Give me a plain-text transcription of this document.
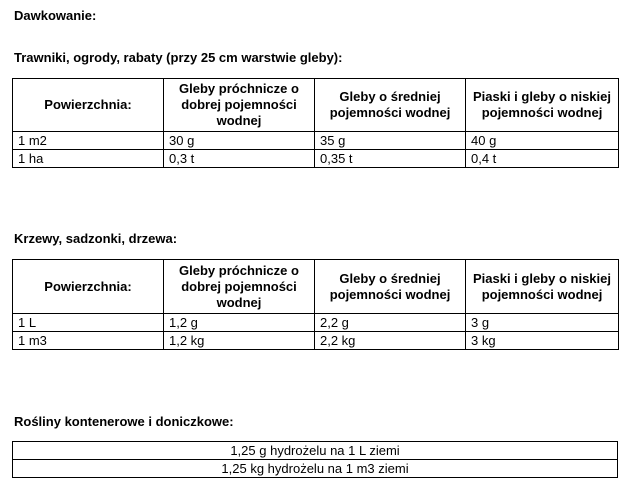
Dawkowanie:
Trawniki, ogrody, rabaty (przy 25 cm warstwie gleby):
Powierzchnia:	Gleby próchnicze o dobrej pojemności wodnej	Gleby o średniej pojemności wodnej	Piaski i gleby o niskiej pojemności wodnej
1 m2	30 g	35 g	40 g
1 ha	0,3 t	0,35 t	0,4 t
Krzewy, sadzonki, drzewa:
Powierzchnia:	Gleby próchnicze o dobrej pojemności wodnej	Gleby o średniej pojemności wodnej	Piaski i gleby o niskiej pojemności wodnej
1 L	1,2 g	2,2 g	3 g
1 m3	1,2 kg	2,2 kg	3 kg
Rośliny kontenerowe i doniczkowe:
1,25 g hydrożelu na 1 L ziemi
1,25 kg hydrożelu na 1 m3 ziemi
